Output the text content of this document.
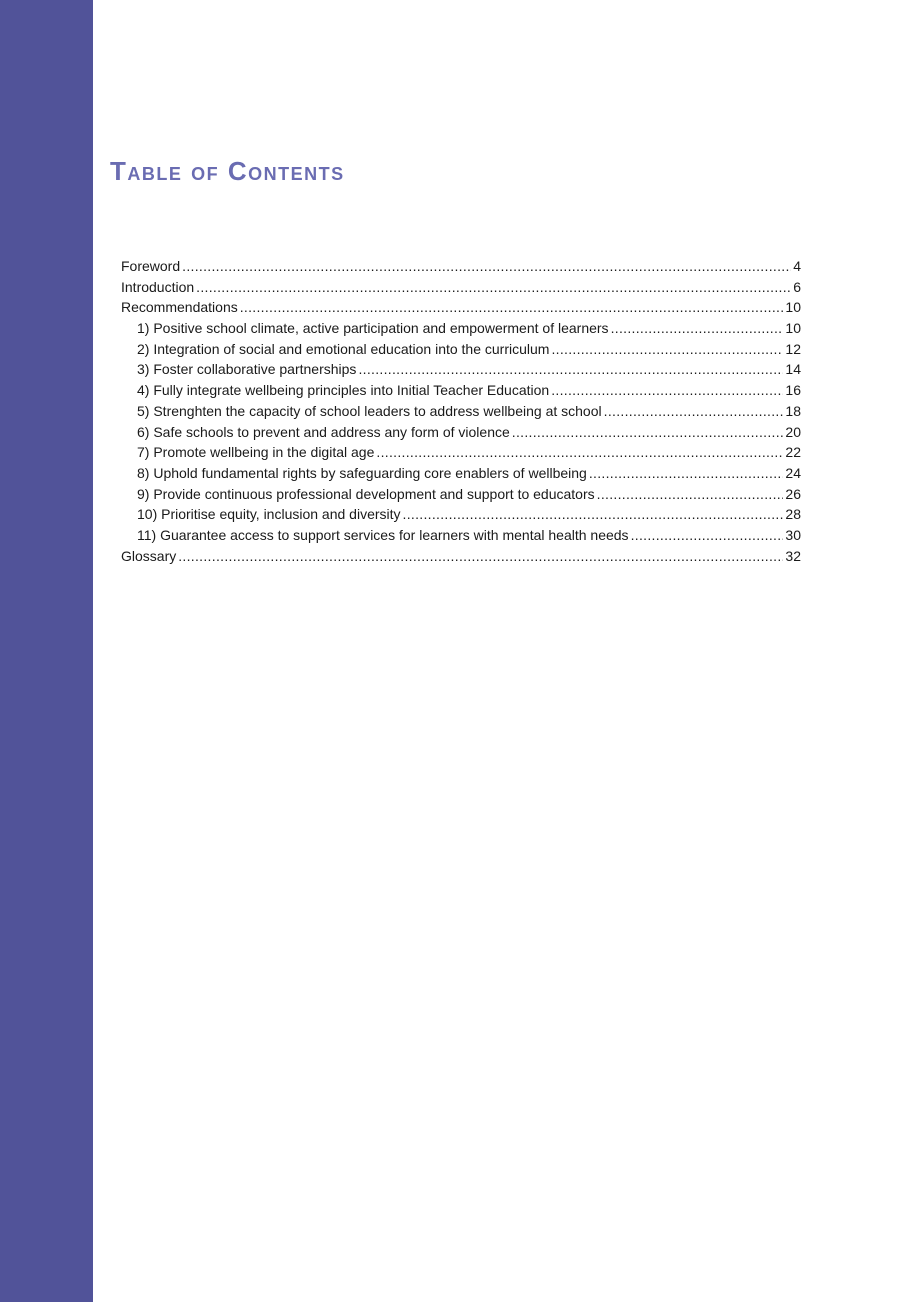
Table of Contents
Foreword .....	4
Introduction .....	6
Recommendations .....	10
1) Positive school climate, active participation and empowerment of learners .....	10
2) Integration of social and emotional education into the curriculum .....	12
3) Foster collaborative partnerships .....	14
4) Fully integrate wellbeing principles into Initial Teacher Education .....	16
5) Strenghten the capacity of school leaders to address wellbeing at school .....	18
6) Safe schools to prevent and address any form of violence .....	20
7) Promote wellbeing in the digital age .....	22
8) Uphold fundamental rights by safeguarding core enablers of wellbeing .....	24
9) Provide continuous professional development and support to educators .....	26
10) Prioritise equity, inclusion and diversity .....	28
11) Guarantee access to support services for learners with mental health needs .....	30
Glossary .....	32
